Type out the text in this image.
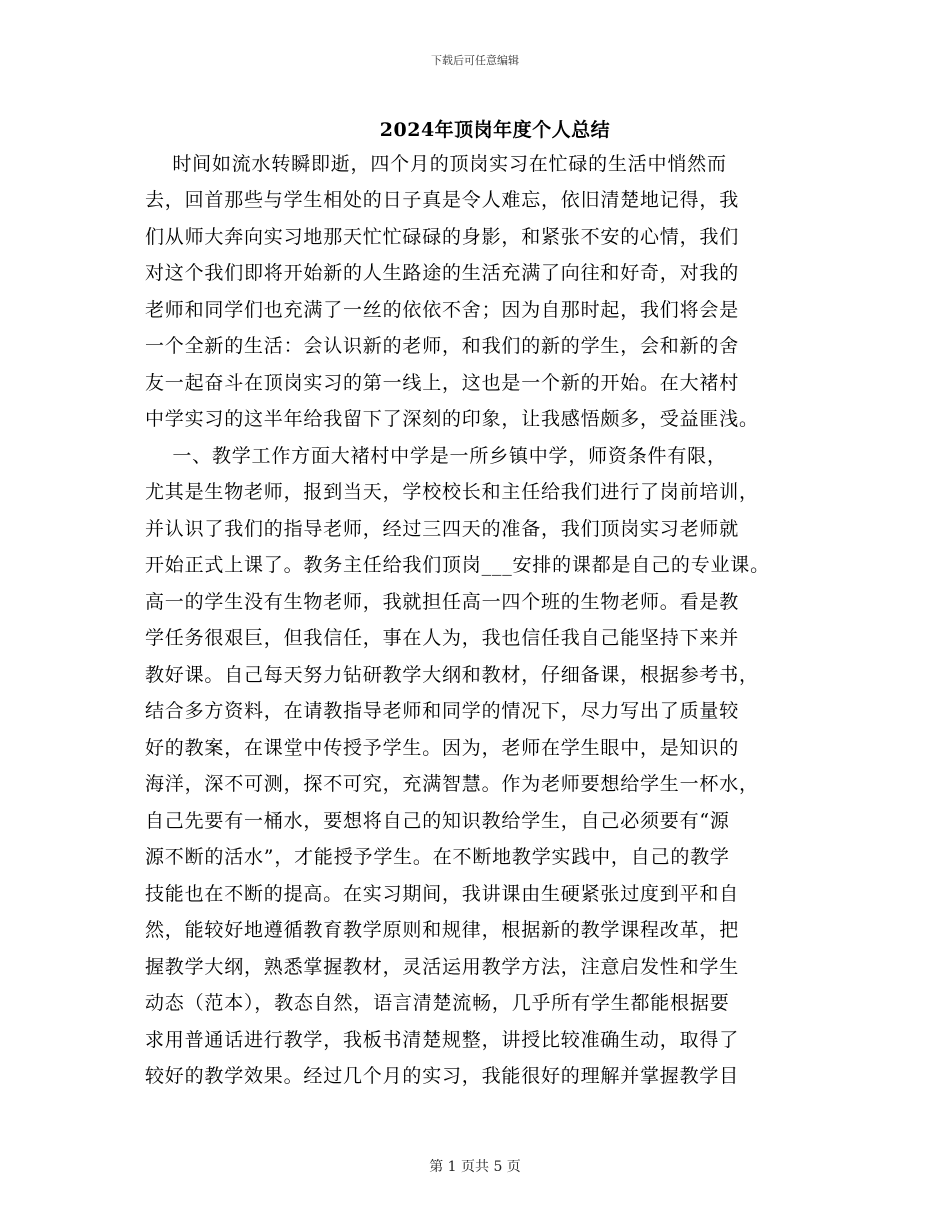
下载后可任意编辑
2024年顶岗年度个人总结
时间如流水转瞬即逝，四个月的顶岗实习在忙碌的生活中悄然而
去，回首那些与学生相处的日子真是令人难忘，依旧清楚地记得，我
们从师大奔向实习地那天忙忙碌碌的身影，和紧张不安的心情，我们
对这个我们即将开始新的人生路途的生活充满了向往和好奇，对我的
老师和同学们也充满了一丝的依依不舍；因为自那时起，我们将会是
一个全新的生活：会认识新的老师，和我们的新的学生，会和新的舍
友一起奋斗在顶岗实习的第一线上，这也是一个新的开始。在大褚村
中学实习的这半年给我留下了深刻的印象，让我感悟颇多，受益匪浅。
一、教学工作方面大褚村中学是一所乡镇中学，师资条件有限，
尤其是生物老师，报到当天，学校校长和主任给我们进行了岗前培训，
并认识了我们的指导老师，经过三四天的准备，我们顶岗实习老师就
开始正式上课了。教务主任给我们顶岗___安排的课都是自己的专业课。
高一的学生没有生物老师，我就担任高一四个班的生物老师。看是教
学任务很艰巨，但我信任，事在人为，我也信任我自己能坚持下来并
教好课。自己每天努力钻研教学大纲和教材，仔细备课，根据参考书，
结合多方资料，在请教指导老师和同学的情况下，尽力写出了质量较
好的教案，在课堂中传授予学生。因为，老师在学生眼中，是知识的
海洋，深不可测，探不可究，充满智慧。作为老师要想给学生一杯水，
自己先要有一桶水，要想将自己的知识教给学生，自己必须要有“源
源不断的活水”，才能授予学生。在不断地教学实践中，自己的教学
技能也在不断的提高。在实习期间，我讲课由生硬紧张过度到平和自
然，能较好地遵循教育教学原则和规律，根据新的教学课程改革，把
握教学大纲，熟悉掌握教材，灵活运用教学方法，注意启发性和学生
动态（范本），教态自然，语言清楚流畅，几乎所有学生都能根据要
求用普通话进行教学，我板书清楚规整，讲授比较准确生动，取得了
较好的教学效果。经过几个月的实习，我能很好的理解并掌握教学目
第 1 页共 5 页
